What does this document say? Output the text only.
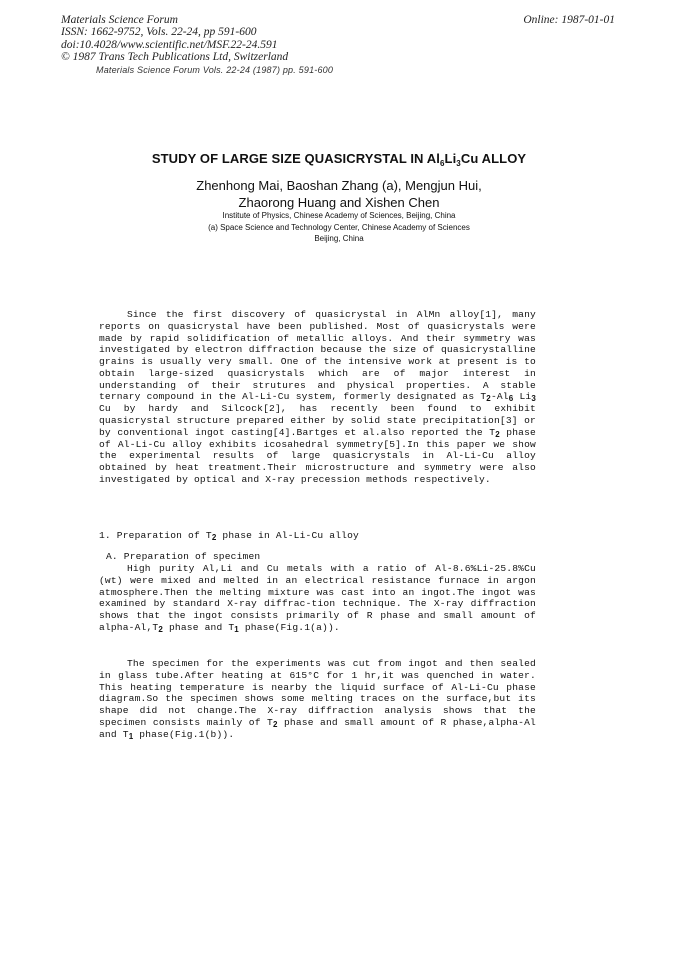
Materials Science Forum
ISSN: 1662-9752, Vols. 22-24, pp 591-600
doi:10.4028/www.scientific.net/MSF.22-24.591
© 1987 Trans Tech Publications Ltd, Switzerland
Online: 1987-01-01
Materials Science Forum Vols. 22-24 (1987) pp. 591-600
STUDY OF LARGE SIZE QUASICRYSTAL IN $Al_6Li_3Cu$ ALLOY
Zhenhong Mai, Baoshan Zhang (a), Mengjun Hui,
Zhaorong Huang and Xishen Chen
Institute of Physics, Chinese Academy of Sciences, Beijing, China
(a) Space Science and Technology Center, Chinese Academy of Sciences
Beijing, China
Since the first discovery of quasicrystal in AlMn alloy[1], many reports on quasicrystal have been published. Most of quasicrystals were made by rapid solidification of metallic alloys. And their symmetry was investigated by electron diffraction because the size of quasicrystalline grains is usually very small. One of the intensive work at present is to obtain large-sized quasicrystals which are of major interest in understanding of their strutures and physical properties. A stable ternary compound in the Al-Li-Cu system, formerly designated as $T_2-Al_6$ $Li_3$ Cu by hardy and Silcock[2], has recently been found to exhibit quasicrystal structure prepared either by solid state precipitation[3] or by conventional ingot casting[4].Bartges et al.also reported the $T_2$ phase of Al-Li-Cu alloy exhibits icosahedral symmetry[5].In this paper we show the experimental results of large quasicrystals in Al-Li-Cu alloy obtained by heat treatment.Their microstructure and symmetry were also investigated by optical and X-ray precession methods respectively.
1. Preparation of $T_2$ phase in Al-Li-Cu alloy
A. Preparation of specimen
High purity Al,Li and Cu metals with a ratio of Al-8.6%Li-25.8%Cu (wt) were mixed and melted in an electrical resistance furnace in argon atmosphere.Then the melting mixture was cast into an ingot.The ingot was examined by standard X-ray diffrac-tion technique. The X-ray diffraction shows that the ingot consists primarily of R phase and small amount of alpha-$Al,T_2$ phase and $T_1$ phase(Fig.1(a)).
The specimen for the experiments was cut from ingot and then sealed in glass tube.After heating at 615°C for 1 hr,it was quenched in water. This heating temperature is nearby the liquid surface of Al-Li-Cu phase diagram.So the specimen shows some melting traces on the surface,but its shape did not change.The X-ray diffraction analysis shows that the specimen consists mainly of $T_2$ phase and small amount of R phase,alpha-Al and $T_1$ phase(Fig.1(b)).
